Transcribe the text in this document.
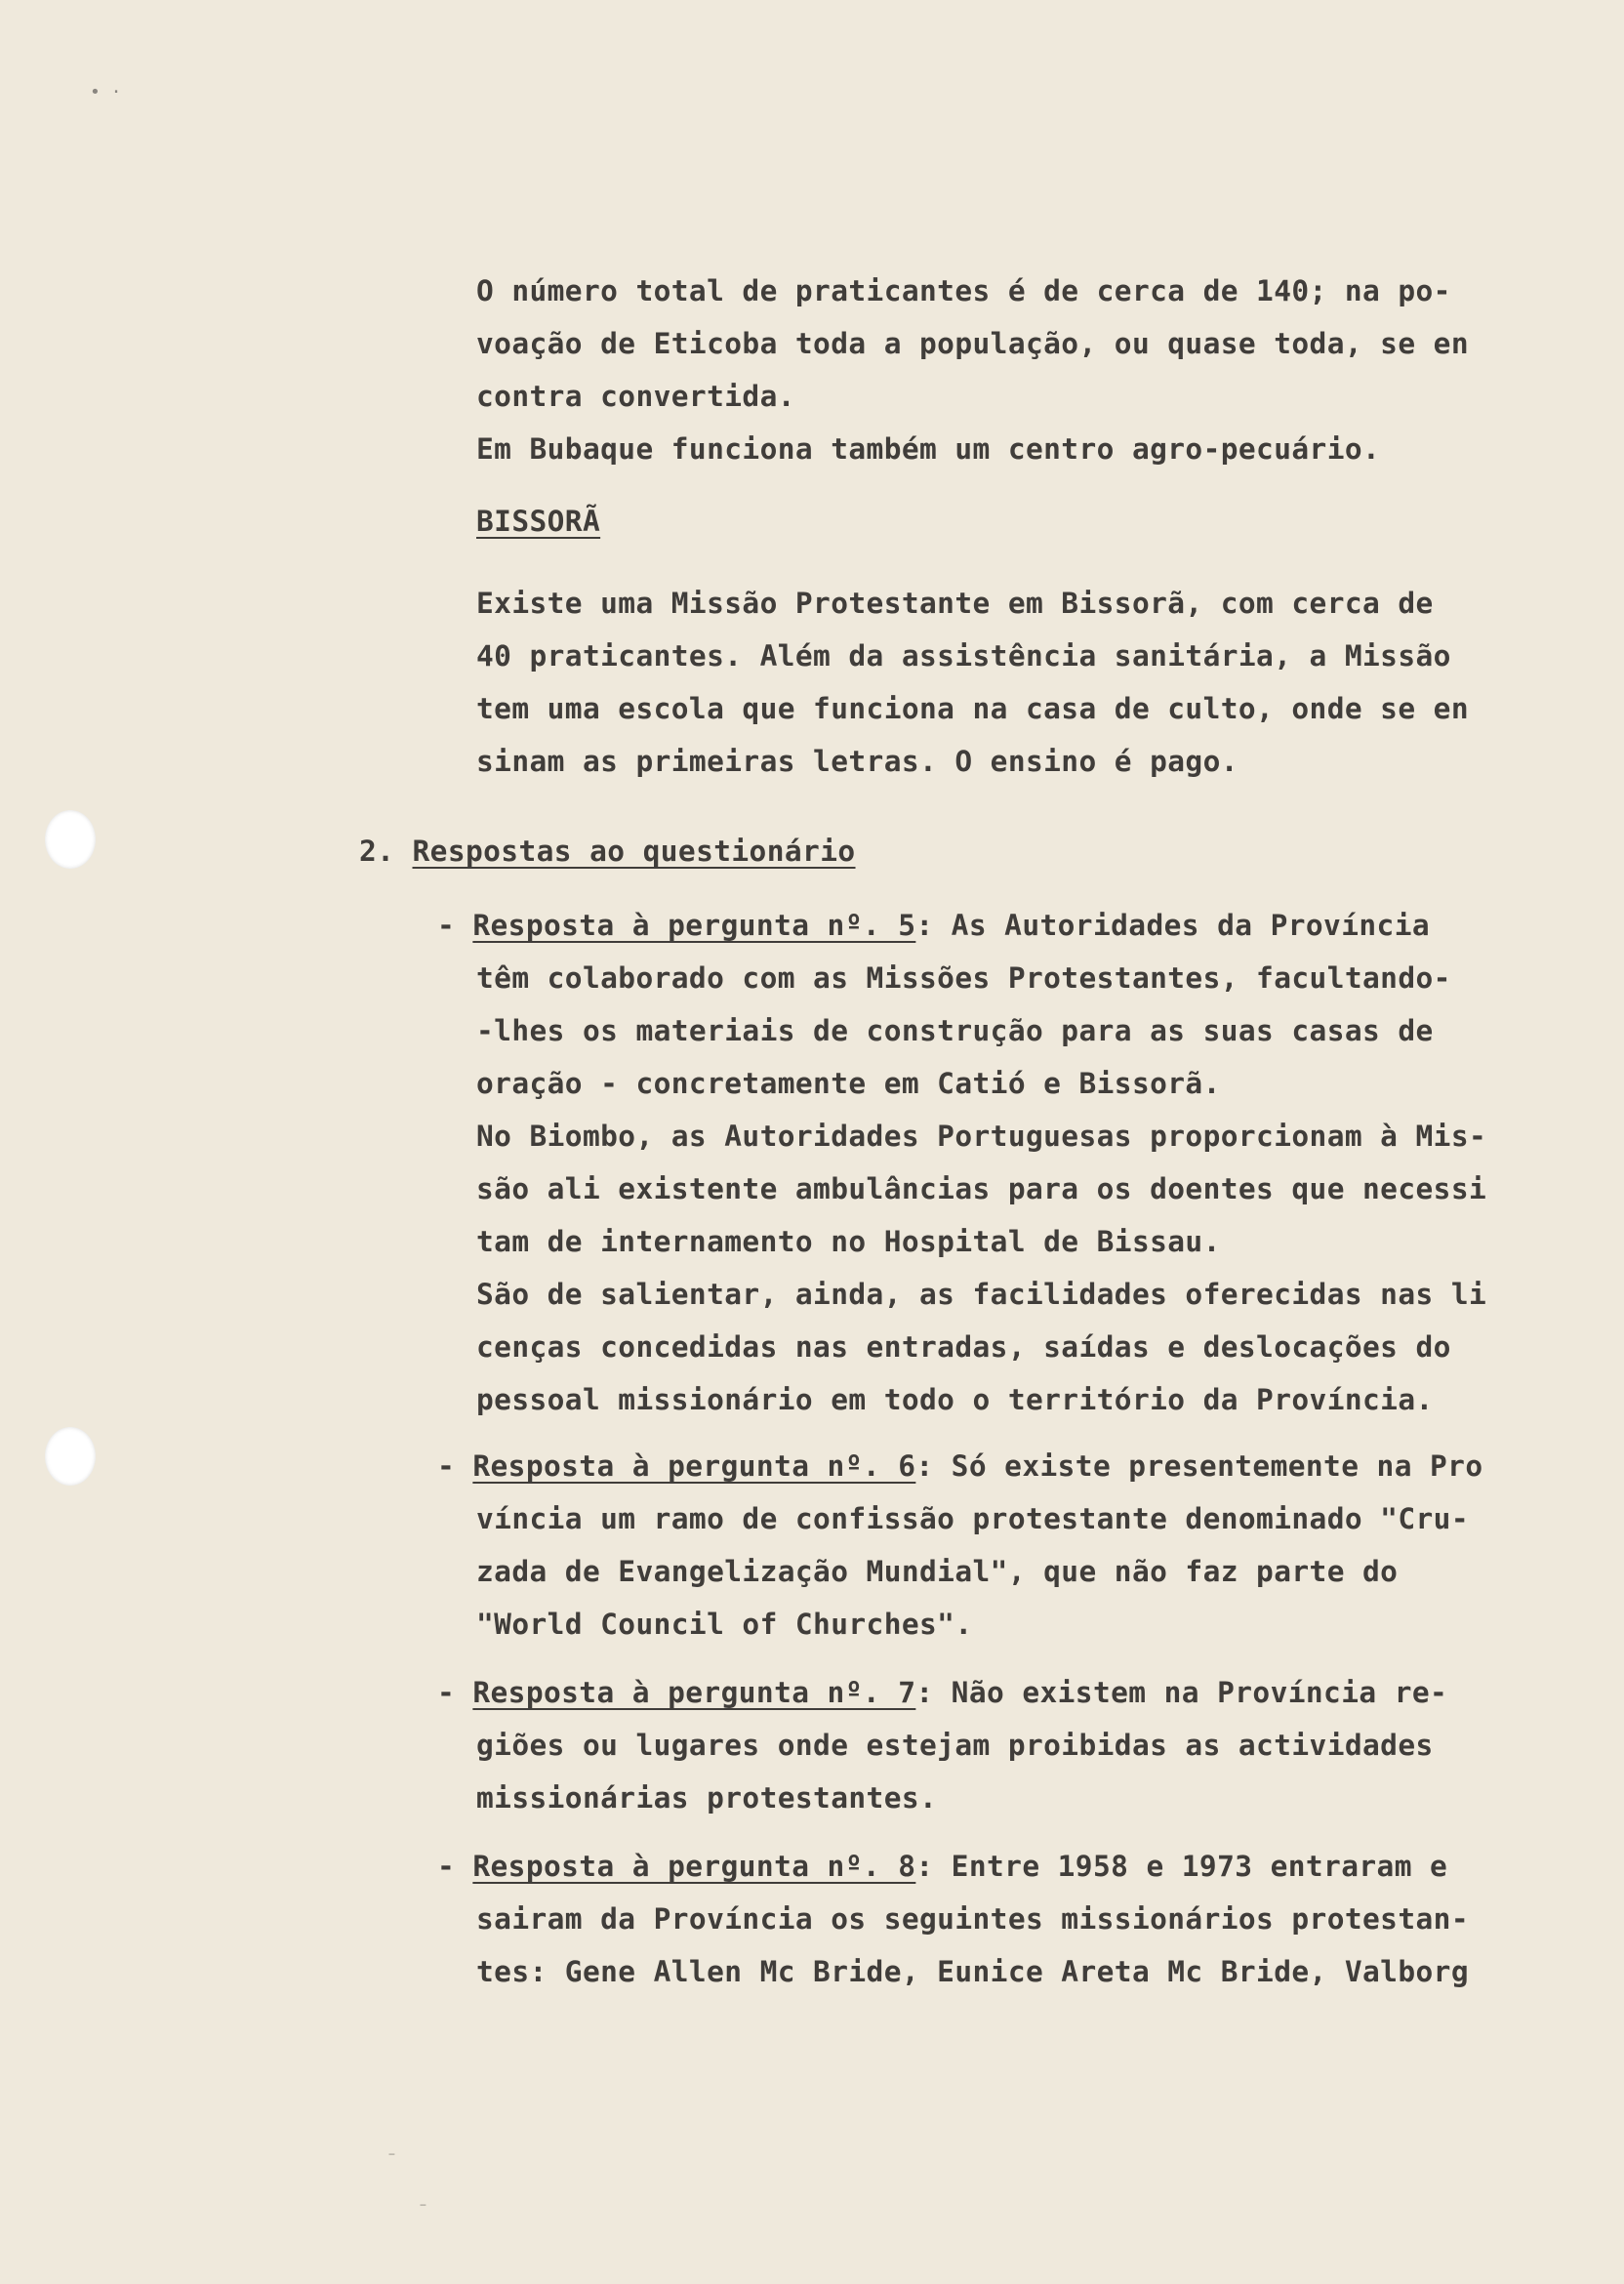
• ·
O número total de praticantes é de cerca de 140; na po-
voação de Eticoba toda a população, ou quase toda, se en
contra convertida.
Em Bubaque funciona também um centro agro-pecuário.
BISSORÃ
Existe uma Missão Protestante em Bissorã, com cerca de
40 praticantes. Além da assistência sanitária, a Missão
tem uma escola que funciona na casa de culto, onde se en
sinam as primeiras letras. O ensino é pago.
2. Respostas ao questionário
- Resposta à pergunta nº. 5: As Autoridades da Província
têm colaborado com as Missões Protestantes, facultando-
-lhes os materiais de construção para as suas casas de
oração - concretamente em Catió e Bissorã.
No Biombo, as Autoridades Portuguesas proporcionam à Mis-
são ali existente ambulâncias para os doentes que necessi
tam de internamento no Hospital de Bissau.
São de salientar, ainda, as facilidades oferecidas nas li
cenças concedidas nas entradas, saídas e deslocações do
pessoal missionário em todo o território da Província.
- Resposta à pergunta nº. 6: Só existe presentemente na Pro
víncia um ramo de confissão protestante denominado "Cru-
zada de Evangelização Mundial", que não faz parte do
"World Council of Churches".
- Resposta à pergunta nº. 7: Não existem na Província re-
giões ou lugares onde estejam proibidas as actividades
missionárias protestantes.
- Resposta à pergunta nº. 8: Entre 1958 e 1973 entraram e
sairam da Província os seguintes missionários protestan-
tes: Gene Allen Mc Bride, Eunice Areta Mc Bride, Valborg
⁻
⁻
